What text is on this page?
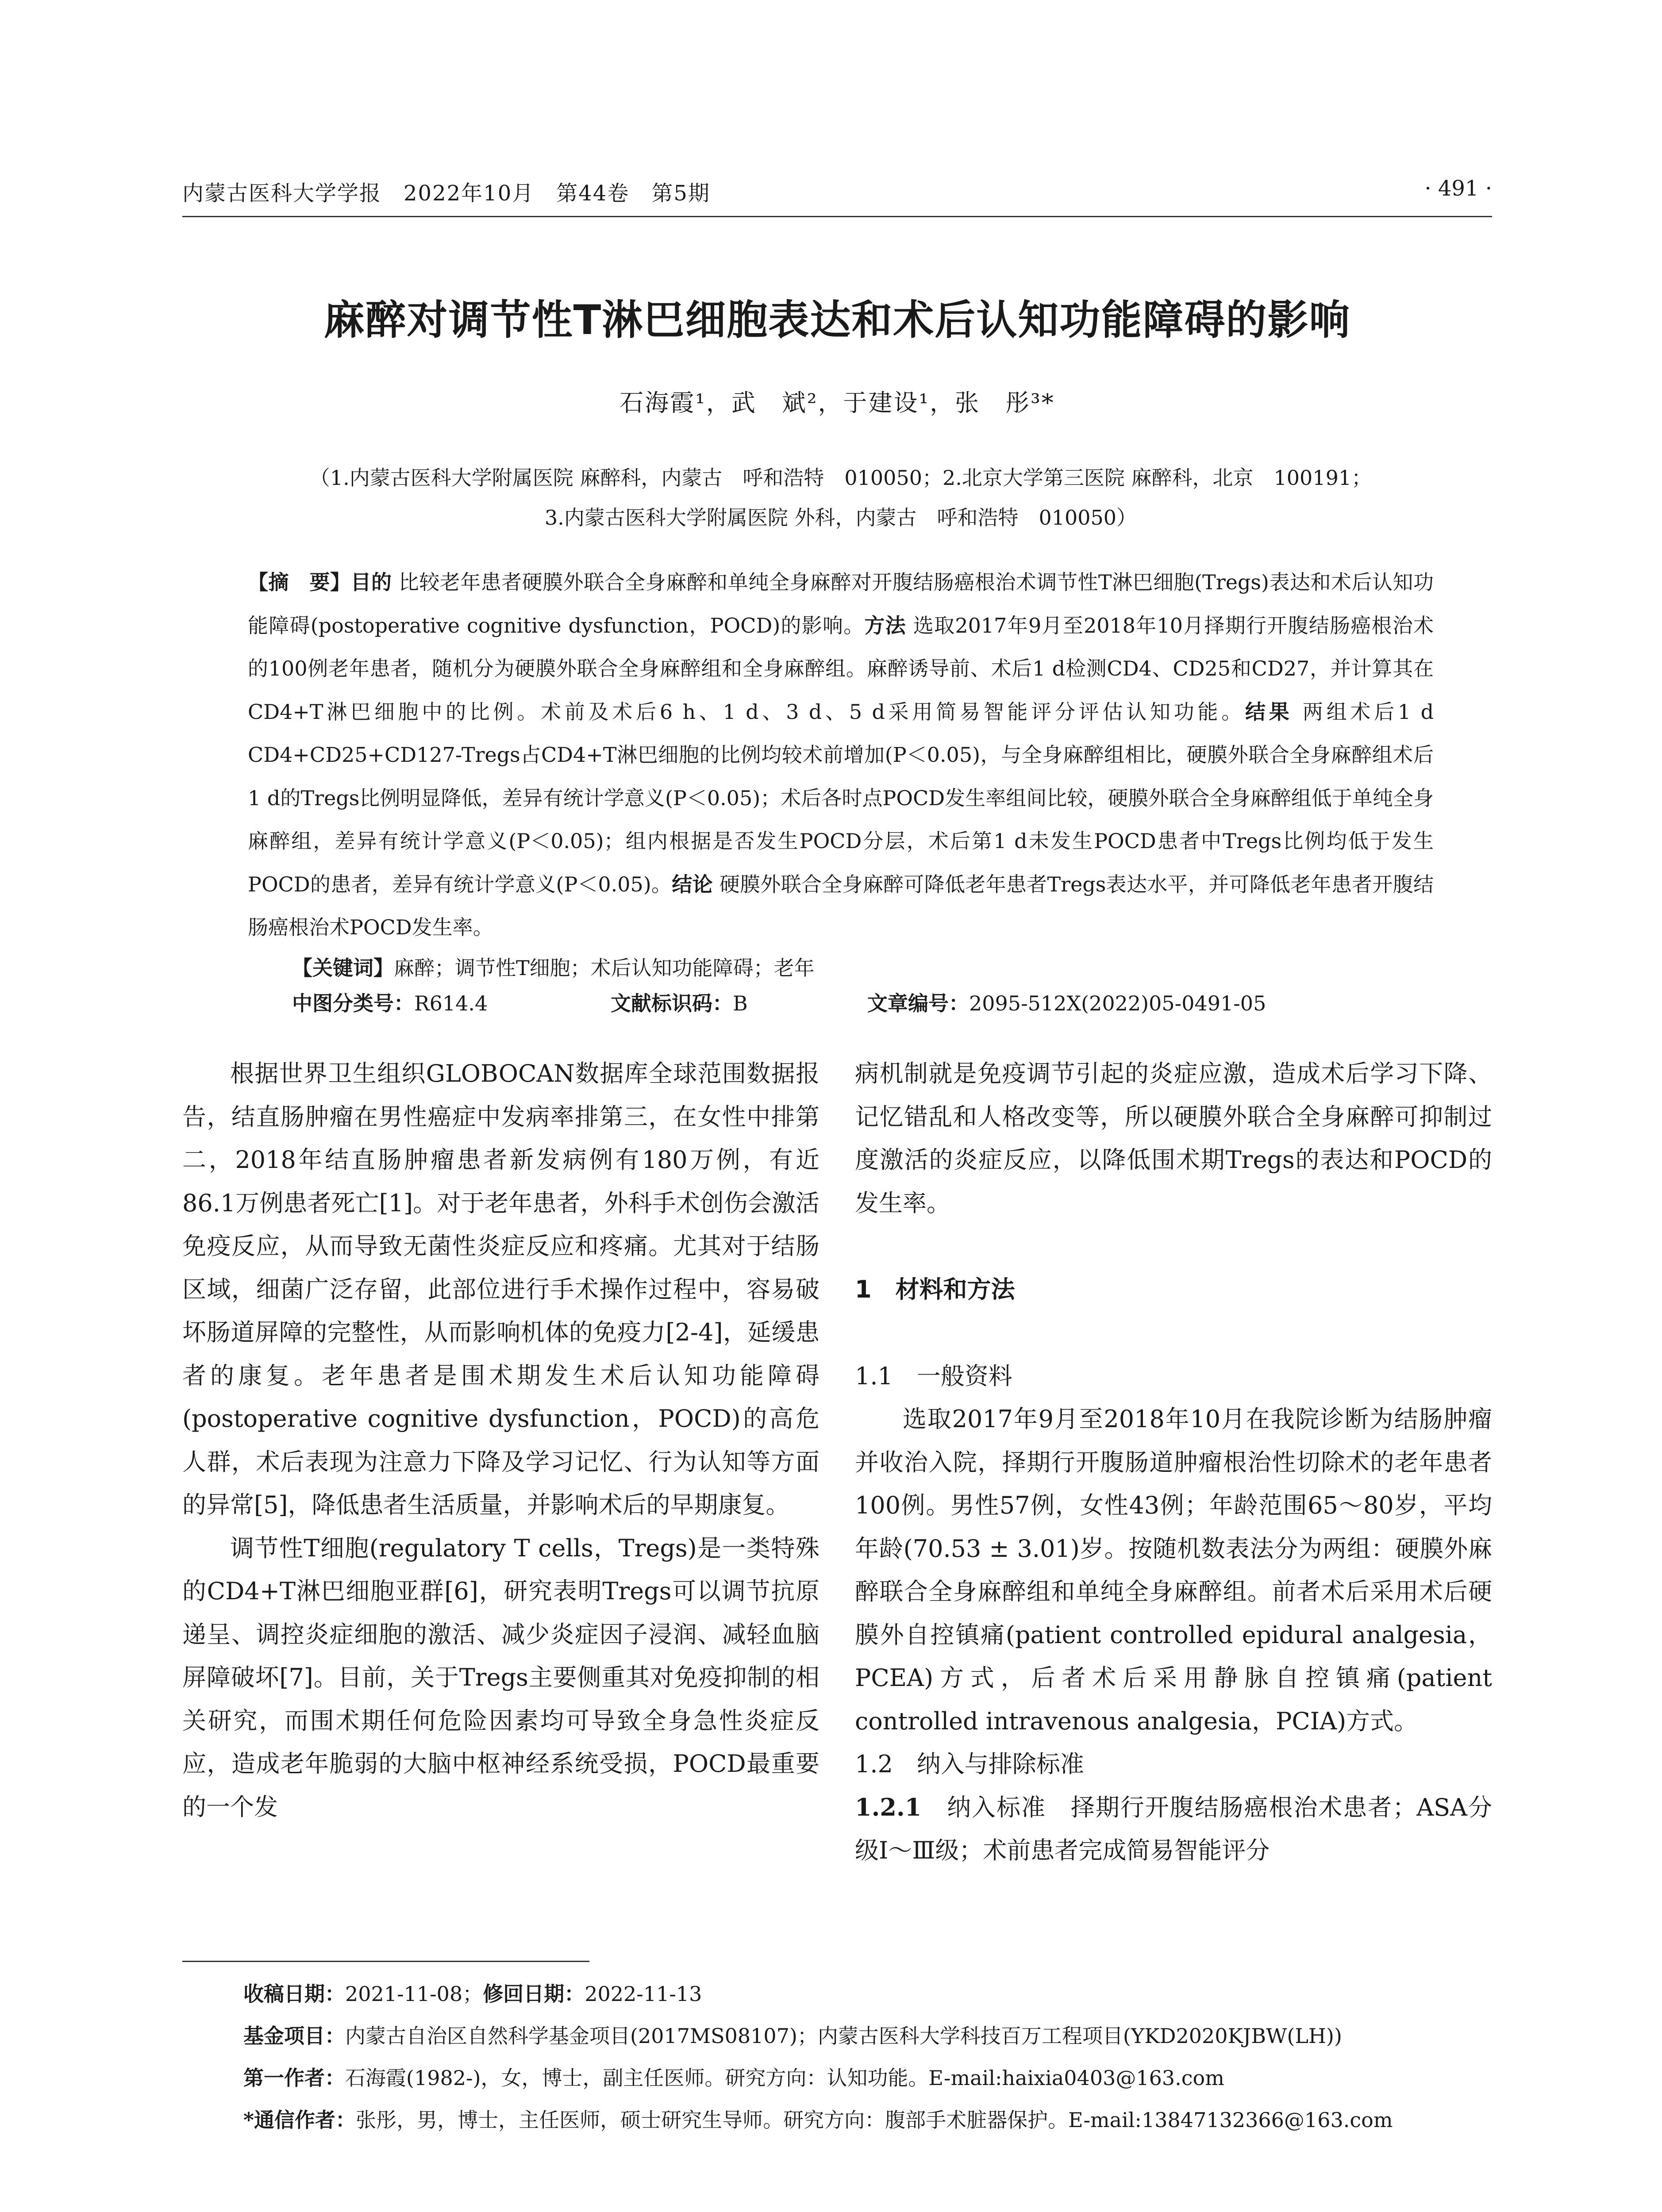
内蒙古医科大学学报　2022年10月　第44卷　第5期	· 491 ·
麻醉对调节性T淋巴细胞表达和术后认知功能障碍的影响
石海霞¹，武　斌²，于建设¹，张　彤³*
（1.内蒙古医科大学附属医院 麻醉科，内蒙古　呼和浩特　010050；2.北京大学第三医院 麻醉科，北京　100191；
3.内蒙古医科大学附属医院 外科，内蒙古　呼和浩特　010050）
【摘　要】目的 比较老年患者硬膜外联合全身麻醉和单纯全身麻醉对开腹结肠癌根治术调节性T淋巴细胞(Tregs)表达和术后认知功能障碍(postoperative cognitive dysfunction，POCD)的影响。方法 选取2017年9月至2018年10月择期行开腹结肠癌根治术的100例老年患者，随机分为硬膜外联合全身麻醉组和全身麻醉组。麻醉诱导前、术后1 d检测CD4、CD25和CD27，并计算其在CD4+T淋巴细胞中的比例。术前及术后6 h、1 d、3 d、5 d采用简易智能评分评估认知功能。结果 两组术后1 d CD4+CD25+CD127-Tregs占CD4+T淋巴细胞的比例均较术前增加(P＜0.05)，与全身麻醉组相比，硬膜外联合全身麻醉组术后1 d的Tregs比例明显降低，差异有统计学意义(P＜0.05)；术后各时点POCD发生率组间比较，硬膜外联合全身麻醉组低于单纯全身麻醉组，差异有统计学意义(P＜0.05)；组内根据是否发生POCD分层，术后第1 d未发生POCD患者中Tregs比例均低于发生POCD的患者，差异有统计学意义(P＜0.05)。结论 硬膜外联合全身麻醉可降低老年患者Tregs表达水平，并可降低老年患者开腹结肠癌根治术POCD发生率。
【关键词】麻醉；调节性T细胞；术后认知功能障碍；老年
中图分类号：R614.4	文献标识码：B	文章编号：2095-512X(2022)05-0491-05

根据世界卫生组织GLOBOCAN数据库全球范围数据报告，结直肠肿瘤在男性癌症中发病率排第三，在女性中排第二，2018年结直肠肿瘤患者新发病例有180万例，有近86.1万例患者死亡[1]。对于老年患者，外科手术创伤会激活免疫反应，从而导致无菌性炎症反应和疼痛。尤其对于结肠区域，细菌广泛存留，此部位进行手术操作过程中，容易破坏肠道屏障的完整性，从而影响机体的免疫力[2-4]，延缓患者的康复。老年患者是围术期发生术后认知功能障碍(postoperative cognitive dysfunction，POCD)的高危人群，术后表现为注意力下降及学习记忆、行为认知等方面的异常[5]，降低患者生活质量，并影响术后的早期康复。

调节性T细胞(regulatory T cells，Tregs)是一类特殊的CD4+T淋巴细胞亚群[6]，研究表明Tregs可以调节抗原递呈、调控炎症细胞的激活、减少炎症因子浸润、减轻血脑屏障破坏[7]。目前，关于Tregs主要侧重其对免疫抑制的相关研究，而围术期任何危险因素均可导致全身急性炎症反应，造成老年脆弱的大脑中枢神经系统受损，POCD最重要的一个发

病机制就是免疫调节引起的炎症应激，造成术后学习下降、记忆错乱和人格改变等，所以硬膜外联合全身麻醉可抑制过度激活的炎症反应，以降低围术期Tregs的表达和POCD的发生率。

1　材料和方法
1.1　一般资料

选取2017年9月至2018年10月在我院诊断为结肠肿瘤并收治入院，择期行开腹肠道肿瘤根治性切除术的老年患者100例。男性57例，女性43例；年龄范围65～80岁，平均年龄(70.53 ± 3.01)岁。按随机数表法分为两组：硬膜外麻醉联合全身麻醉组和单纯全身麻醉组。前者术后采用术后硬膜外自控镇痛(patient controlled epidural analgesia，PCEA)方式，后者术后采用静脉自控镇痛(patient controlled intravenous analgesia，PCIA)方式。

1.2　纳入与排除标准
1.2.1　 纳入标准　 择期行开腹结肠癌根治术患者；ASA分级Ⅰ～Ⅲ级；术前患者完成简易智能评分
收稿日期：2021-11-08；修回日期：2022-11-13
基金项目：内蒙古自治区自然科学基金项目(2017MS08107)；内蒙古医科大学科技百万工程项目(YKD2020KJBW(LH))
第一作者：石海霞(1982-)，女，博士，副主任医师。研究方向：认知功能。E-mail:haixia0403@163.com
*通信作者：张彤，男，博士，主任医师，硕士研究生导师。研究方向：腹部手术脏器保护。E-mail:13847132366@163.com
